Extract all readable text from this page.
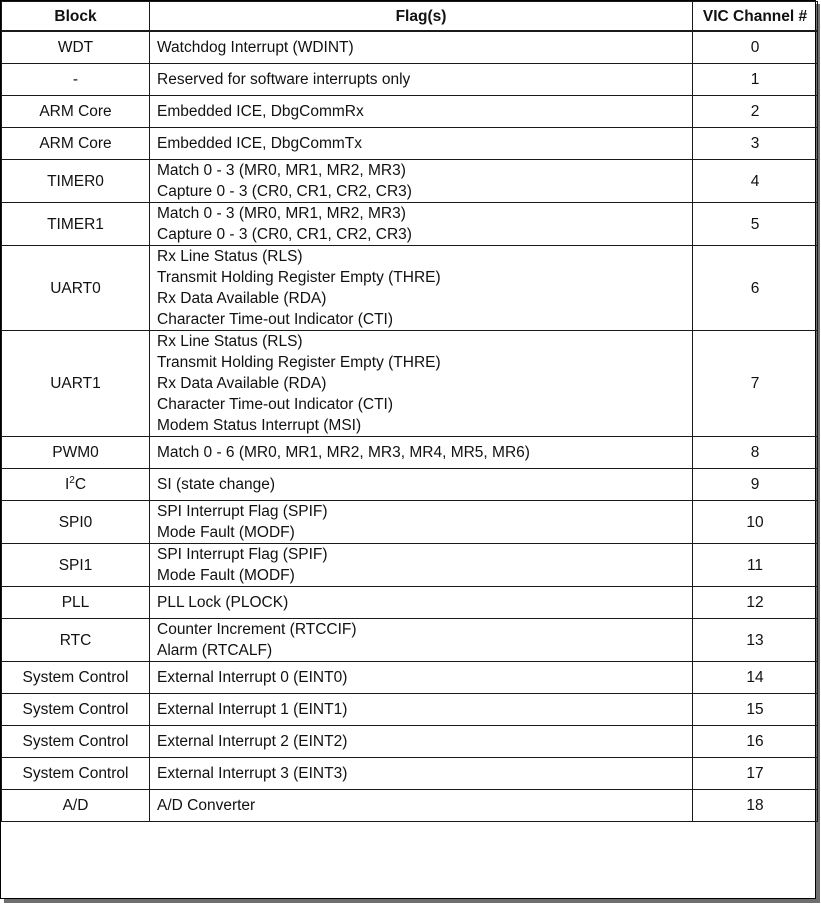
Block	Flag(s)	VIC Channel #
WDT	Watchdog Interrupt (WDINT)	0
-	Reserved for software interrupts only	1
ARM Core	Embedded ICE, DbgCommRx	2
ARM Core	Embedded ICE, DbgCommTx	3
TIMER0	Match 0 - 3 (MR0, MR1, MR2, MR3)
Capture 0 - 3 (CR0, CR1, CR2, CR3)	4
TIMER1	Match 0 - 3 (MR0, MR1, MR2, MR3)
Capture 0 - 3 (CR0, CR1, CR2, CR3)	5
UART0	Rx Line Status (RLS)
Transmit Holding Register Empty (THRE)
Rx Data Available (RDA)
Character Time-out Indicator (CTI)	6
UART1	Rx Line Status (RLS)
Transmit Holding Register Empty (THRE)
Rx Data Available (RDA)
Character Time-out Indicator (CTI)
Modem Status Interrupt (MSI)	7
PWM0	Match 0 - 6 (MR0, MR1, MR2, MR3, MR4, MR5, MR6)	8
$I^2C$	SI (state change)	9
SPI0	SPI Interrupt Flag (SPIF)
Mode Fault (MODF)	10
SPI1	SPI Interrupt Flag (SPIF)
Mode Fault (MODF)	11
PLL	PLL Lock (PLOCK)	12
RTC	Counter Increment (RTCCIF)
Alarm (RTCALF)	13
System Control	External Interrupt 0 (EINT0)	14
System Control	External Interrupt 1 (EINT1)	15
System Control	External Interrupt 2 (EINT2)	16
System Control	External Interrupt 3 (EINT3)	17
A/D	A/D Converter	18
